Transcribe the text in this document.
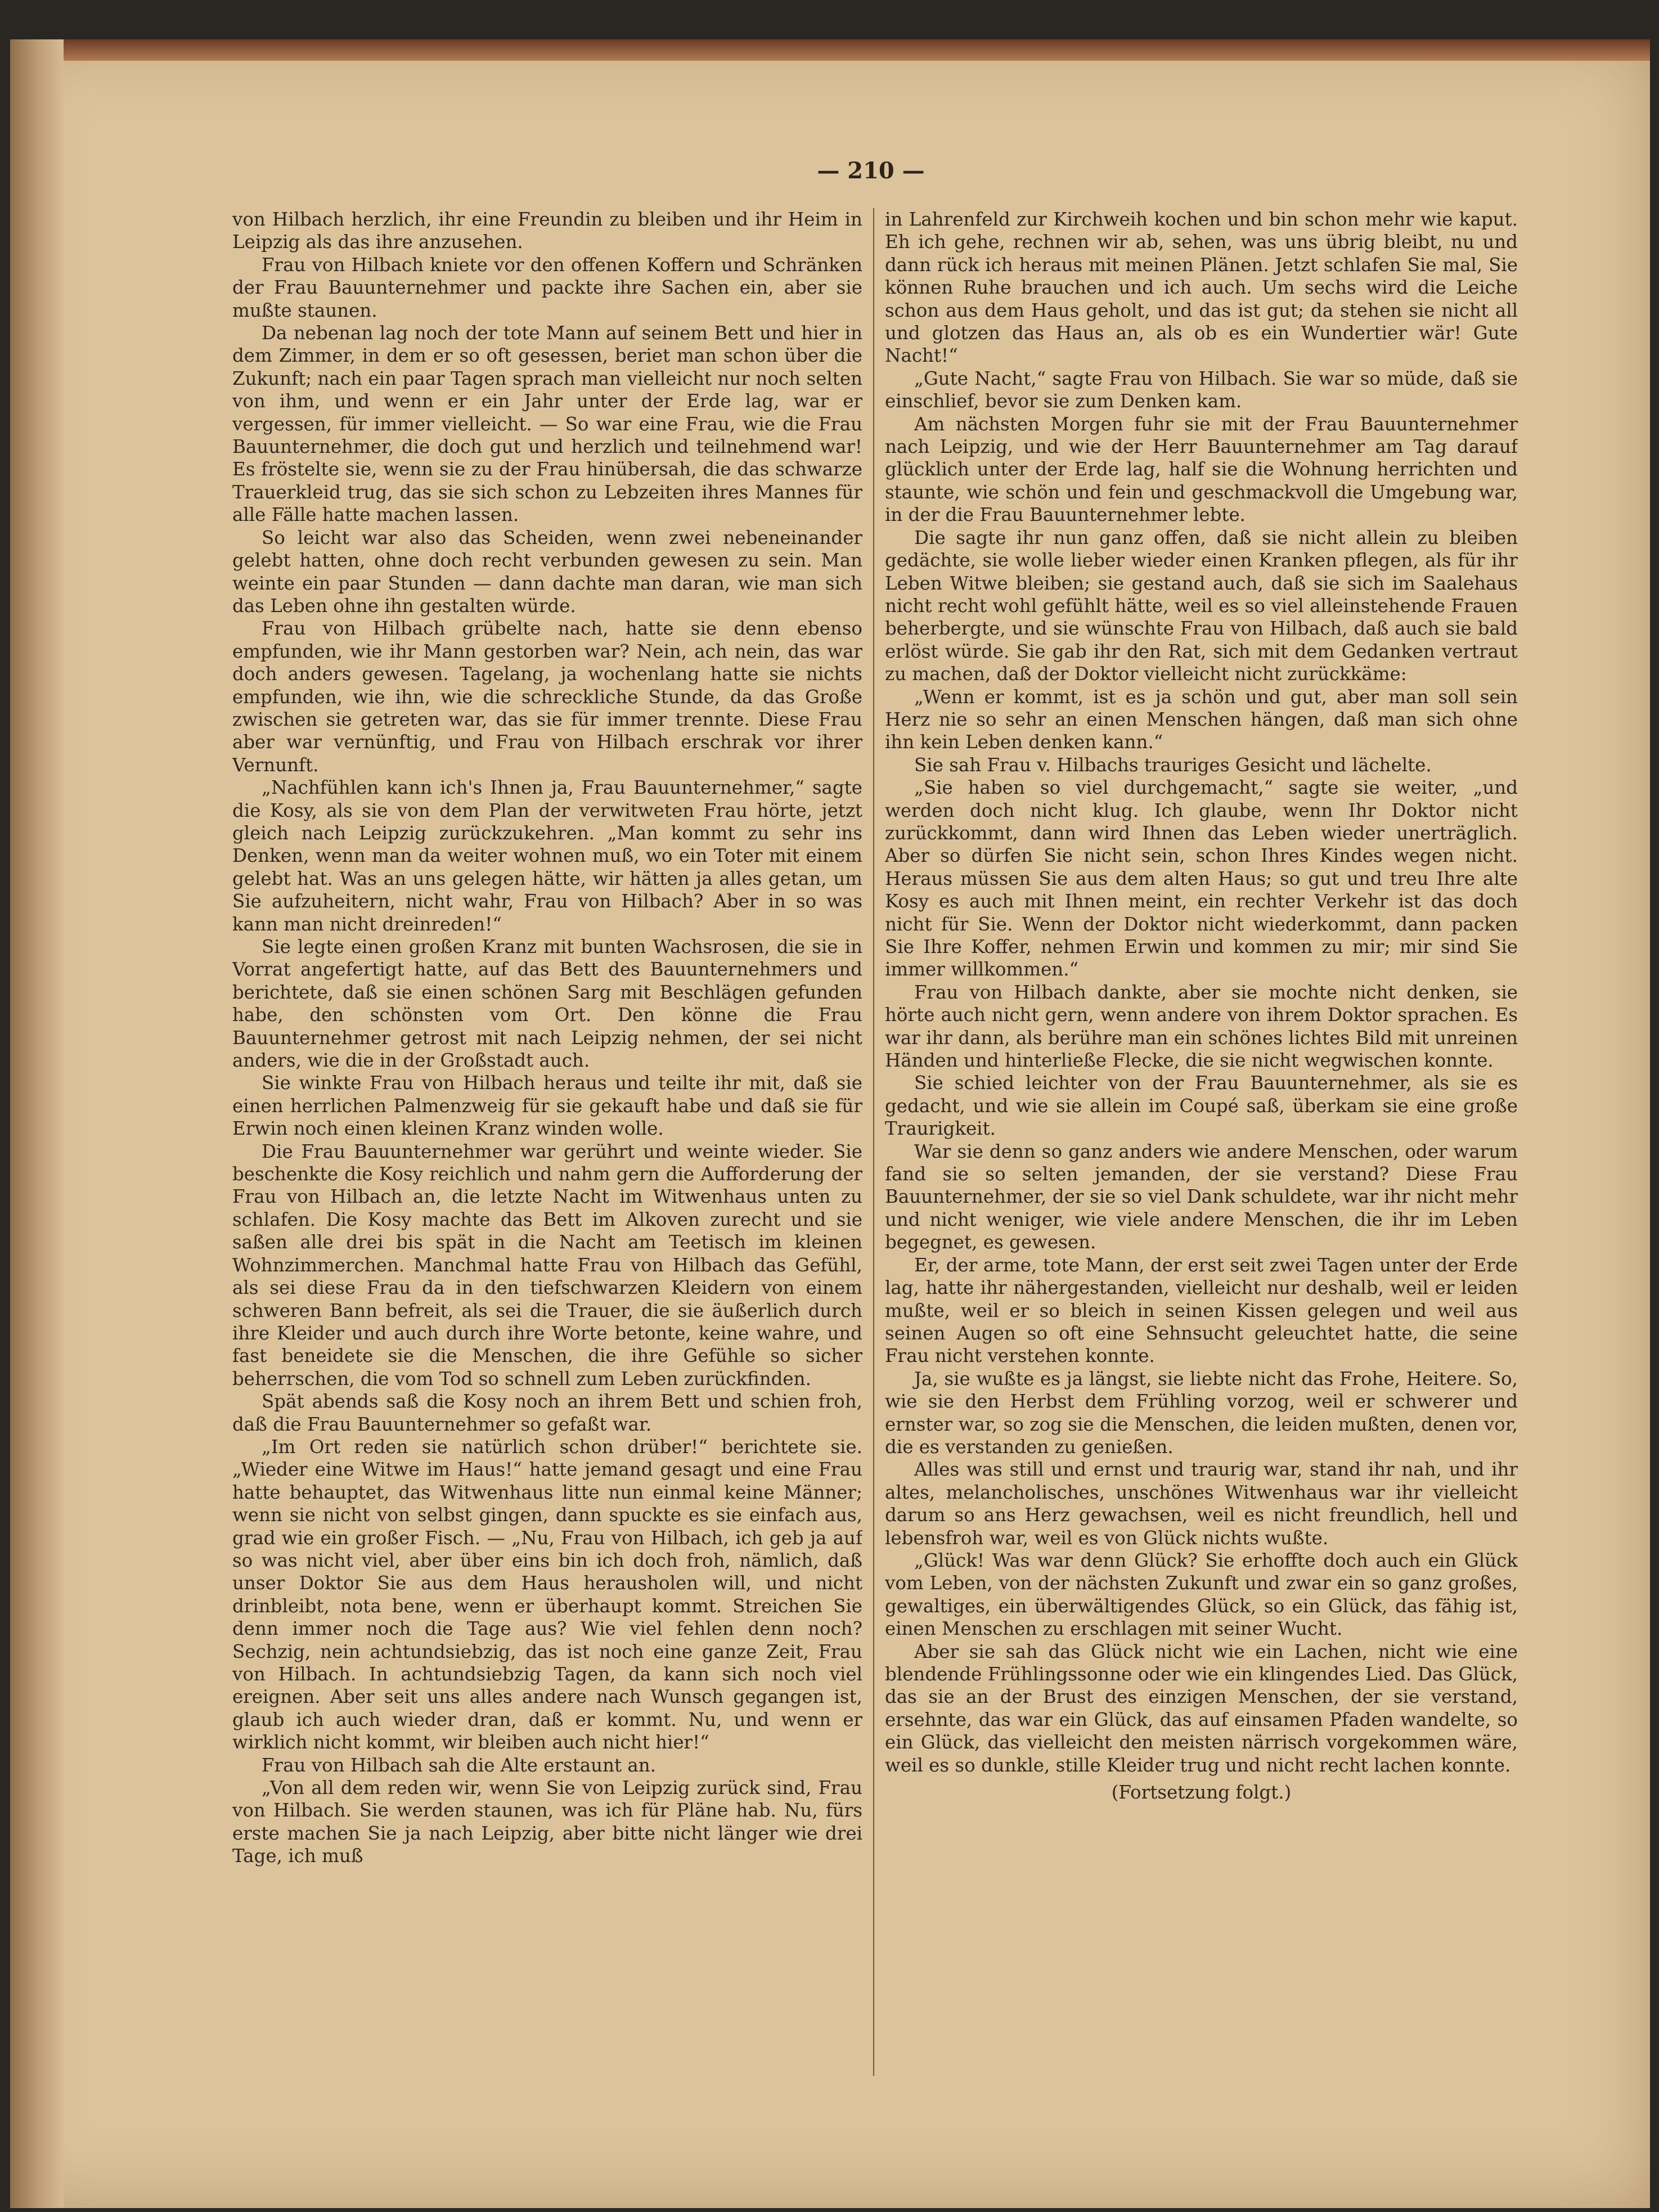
— 210 —

von Hilbach herzlich, ihr eine Freundin zu bleiben und ihr Heim in Leipzig als das ihre anzusehen.

Frau von Hilbach kniete vor den offenen Koffern und Schränken der Frau Bauunternehmer und packte ihre Sachen ein, aber sie mußte staunen.

Da nebenan lag noch der tote Mann auf seinem Bett und hier in dem Zimmer, in dem er so oft gesessen, beriet man schon über die Zukunft; nach ein paar Tagen sprach man vielleicht nur noch selten von ihm, und wenn er ein Jahr unter der Erde lag, war er vergessen, für immer vielleicht. — So war eine Frau, wie die Frau Bauunternehmer, die doch gut und herzlich und teilnehmend war! Es fröstelte sie, wenn sie zu der Frau hinübersah, die das schwarze Trauerkleid trug, das sie sich schon zu Lebzeiten ihres Mannes für alle Fälle hatte machen lassen.

So leicht war also das Scheiden, wenn zwei nebeneinander gelebt hatten, ohne doch recht verbunden gewesen zu sein. Man weinte ein paar Stunden — dann dachte man daran, wie man sich das Leben ohne ihn gestalten würde.

Frau von Hilbach grübelte nach, hatte sie denn ebenso empfunden, wie ihr Mann gestorben war? Nein, ach nein, das war doch anders gewesen. Tagelang, ja wochenlang hatte sie nichts empfunden, wie ihn, wie die schreckliche Stunde, da das Große zwischen sie getreten war, das sie für immer trennte. Diese Frau aber war vernünftig, und Frau von Hilbach erschrak vor ihrer Vernunft.

„Nachfühlen kann ich's Ihnen ja, Frau Bauunternehmer,“ sagte die Kosy, als sie von dem Plan der verwitweten Frau hörte, jetzt gleich nach Leipzig zurückzukehren. „Man kommt zu sehr ins Denken, wenn man da weiter wohnen muß, wo ein Toter mit einem gelebt hat. Was an uns gelegen hätte, wir hätten ja alles getan, um Sie aufzuheitern, nicht wahr, Frau von Hilbach? Aber in so was kann man nicht dreinreden!“

Sie legte einen großen Kranz mit bunten Wachsrosen, die sie in Vorrat angefertigt hatte, auf das Bett des Bauunternehmers und berichtete, daß sie einen schönen Sarg mit Beschlägen gefunden habe, den schönsten vom Ort. Den könne die Frau Bauunternehmer getrost mit nach Leipzig nehmen, der sei nicht anders, wie die in der Großstadt auch.

Sie winkte Frau von Hilbach heraus und teilte ihr mit, daß sie einen herrlichen Palmenzweig für sie gekauft habe und daß sie für Erwin noch einen kleinen Kranz winden wolle.

Die Frau Bauunternehmer war gerührt und weinte wieder. Sie beschenkte die Kosy reichlich und nahm gern die Aufforderung der Frau von Hilbach an, die letzte Nacht im Witwenhaus unten zu schlafen. Die Kosy machte das Bett im Alkoven zurecht und sie saßen alle drei bis spät in die Nacht am Teetisch im kleinen Wohnzimmerchen. Manchmal hatte Frau von Hilbach das Gefühl, als sei diese Frau da in den tiefschwarzen Kleidern von einem schweren Bann befreit, als sei die Trauer, die sie äußerlich durch ihre Kleider und auch durch ihre Worte betonte, keine wahre, und fast beneidete sie die Menschen, die ihre Gefühle so sicher beherrschen, die vom Tod so schnell zum Leben zurückfinden.

Spät abends saß die Kosy noch an ihrem Bett und schien froh, daß die Frau Bauunternehmer so gefaßt war.

„Im Ort reden sie natürlich schon drüber!“ berichtete sie. „Wieder eine Witwe im Haus!“ hatte jemand gesagt und eine Frau hatte behauptet, das Witwenhaus litte nun einmal keine Männer; wenn sie nicht von selbst gingen, dann spuckte es sie einfach aus, grad wie ein großer Fisch. — „Nu, Frau von Hilbach, ich geb ja auf so was nicht viel, aber über eins bin ich doch froh, nämlich, daß unser Doktor Sie aus dem Haus herausholen will, und nicht drinbleibt, nota bene, wenn er überhaupt kommt. Streichen Sie denn immer noch die Tage aus? Wie viel fehlen denn noch? Sechzig, nein achtundsiebzig, das ist noch eine ganze Zeit, Frau von Hilbach. In achtundsiebzig Tagen, da kann sich noch viel ereignen. Aber seit uns alles andere nach Wunsch gegangen ist, glaub ich auch wieder dran, daß er kommt. Nu, und wenn er wirklich nicht kommt, wir bleiben auch nicht hier!“

Frau von Hilbach sah die Alte erstaunt an.

„Von all dem reden wir, wenn Sie von Leipzig zurück sind, Frau von Hilbach. Sie werden staunen, was ich für Pläne hab. Nu, fürs erste machen Sie ja nach Leipzig, aber bitte nicht länger wie drei Tage, ich muß

in Lahrenfeld zur Kirchweih kochen und bin schon mehr wie kaput. Eh ich gehe, rechnen wir ab, sehen, was uns übrig bleibt, nu und dann rück ich heraus mit meinen Plänen. Jetzt schlafen Sie mal, Sie können Ruhe brauchen und ich auch. Um sechs wird die Leiche schon aus dem Haus geholt, und das ist gut; da stehen sie nicht all und glotzen das Haus an, als ob es ein Wundertier wär! Gute Nacht!“

„Gute Nacht,“ sagte Frau von Hilbach. Sie war so müde, daß sie einschlief, bevor sie zum Denken kam.

Am nächsten Morgen fuhr sie mit der Frau Bauunternehmer nach Leipzig, und wie der Herr Bauunternehmer am Tag darauf glücklich unter der Erde lag, half sie die Wohnung herrichten und staunte, wie schön und fein und geschmackvoll die Umgebung war, in der die Frau Bauunternehmer lebte.

Die sagte ihr nun ganz offen, daß sie nicht allein zu bleiben gedächte, sie wolle lieber wieder einen Kranken pflegen, als für ihr Leben Witwe bleiben; sie gestand auch, daß sie sich im Saalehaus nicht recht wohl gefühlt hätte, weil es so viel alleinstehende Frauen beherbergte, und sie wünschte Frau von Hilbach, daß auch sie bald erlöst würde. Sie gab ihr den Rat, sich mit dem Gedanken vertraut zu machen, daß der Doktor vielleicht nicht zurückkäme:

„Wenn er kommt, ist es ja schön und gut, aber man soll sein Herz nie so sehr an einen Menschen hängen, daß man sich ohne ihn kein Leben denken kann.“

Sie sah Frau v. Hilbachs trauriges Gesicht und lächelte.

„Sie haben so viel durchgemacht,“ sagte sie weiter, „und werden doch nicht klug. Ich glaube, wenn Ihr Doktor nicht zurückkommt, dann wird Ihnen das Leben wieder unerträglich. Aber so dürfen Sie nicht sein, schon Ihres Kindes wegen nicht. Heraus müssen Sie aus dem alten Haus; so gut und treu Ihre alte Kosy es auch mit Ihnen meint, ein rechter Verkehr ist das doch nicht für Sie. Wenn der Doktor nicht wiederkommt, dann packen Sie Ihre Koffer, nehmen Erwin und kommen zu mir; mir sind Sie immer willkommen.“

Frau von Hilbach dankte, aber sie mochte nicht denken, sie hörte auch nicht gern, wenn andere von ihrem Doktor sprachen. Es war ihr dann, als berühre man ein schönes lichtes Bild mit unreinen Händen und hinterließe Flecke, die sie nicht wegwischen konnte.

Sie schied leichter von der Frau Bauunternehmer, als sie es gedacht, und wie sie allein im Coupé saß, überkam sie eine große Traurigkeit.

War sie denn so ganz anders wie andere Menschen, oder warum fand sie so selten jemanden, der sie verstand? Diese Frau Bauunternehmer, der sie so viel Dank schuldete, war ihr nicht mehr und nicht weniger, wie viele andere Menschen, die ihr im Leben begegnet, es gewesen.

Er, der arme, tote Mann, der erst seit zwei Tagen unter der Erde lag, hatte ihr nähergestanden, vielleicht nur deshalb, weil er leiden mußte, weil er so bleich in seinen Kissen gelegen und weil aus seinen Augen so oft eine Sehnsucht geleuchtet hatte, die seine Frau nicht verstehen konnte.

Ja, sie wußte es ja längst, sie liebte nicht das Frohe, Heitere. So, wie sie den Herbst dem Frühling vorzog, weil er schwerer und ernster war, so zog sie die Menschen, die leiden mußten, denen vor, die es verstanden zu genießen.

Alles was still und ernst und traurig war, stand ihr nah, und ihr altes, melancholisches, unschönes Witwenhaus war ihr vielleicht darum so ans Herz gewachsen, weil es nicht freundlich, hell und lebensfroh war, weil es von Glück nichts wußte.

„Glück! Was war denn Glück? Sie erhoffte doch auch ein Glück vom Leben, von der nächsten Zukunft und zwar ein so ganz großes, gewaltiges, ein überwältigendes Glück, so ein Glück, das fähig ist, einen Menschen zu erschlagen mit seiner Wucht.

Aber sie sah das Glück nicht wie ein Lachen, nicht wie eine blendende Frühlingssonne oder wie ein klingendes Lied. Das Glück, das sie an der Brust des einzigen Menschen, der sie verstand, ersehnte, das war ein Glück, das auf einsamen Pfaden wandelte, so ein Glück, das vielleicht den meisten närrisch vorgekommen wäre, weil es so dunkle, stille Kleider trug und nicht recht lachen konnte.

(Fortsetzung folgt.)
